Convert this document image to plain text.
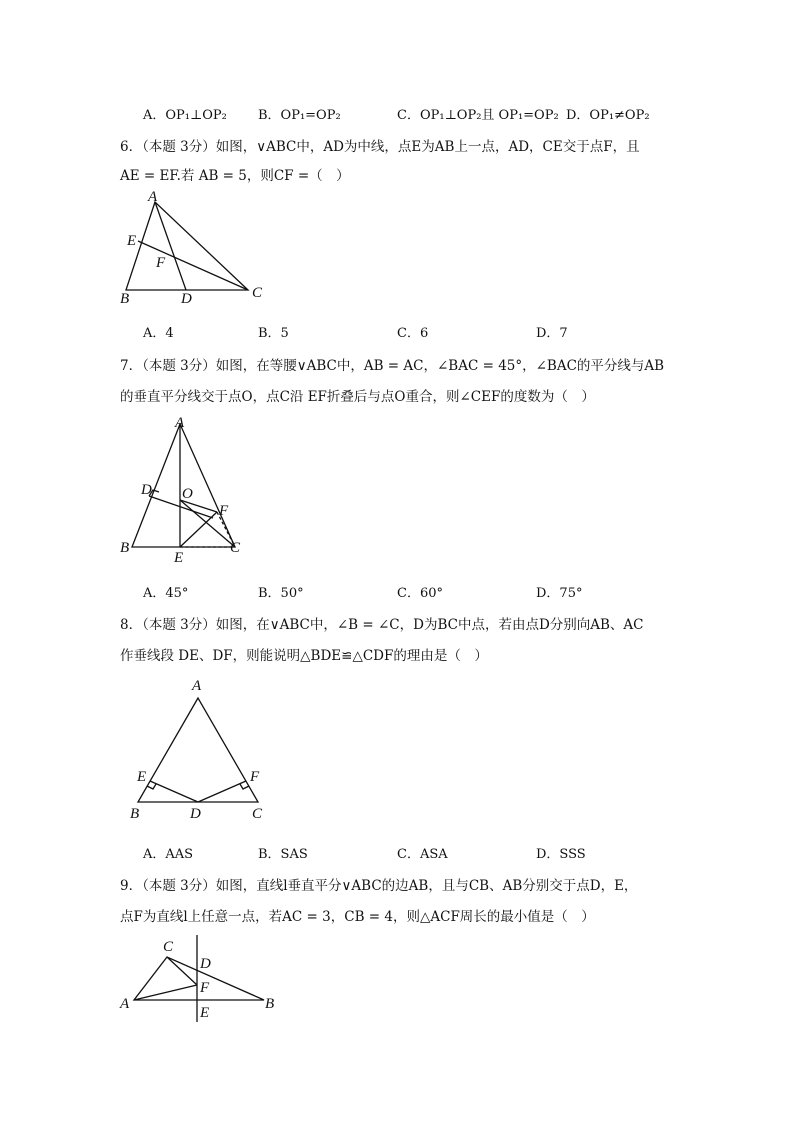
A．OP₁⊥OP₂ B．OP₁=OP₂	C．OP₁⊥OP₂且 OP₁=OP₂ D．OP₁≠OP₂
6．（本题 3分）如图，∨ABC中，AD为中线，点E为AB上一点，AD，CE交于点F，且
AE = EF.若 AB = 5，则CF =（　）
A
E
F
B	D	C
A．4	B．5	C．6	D．7
7．（本题 3分）如图，在等腰∨ABC中，AB = AC，∠BAC = 45°，∠BAC的平分线与AB
的垂直平分线交于点O，点C沿 EF折叠后与点O重合，则∠CEF的度数为（　）
A
D O
F
B
E
C
A．45°	B．50°	C．60°	D．75°
8．（本题 3分）如图，在∨ABC中，∠B = ∠C，D为BC中点，若由点D分别向AB、AC
作垂线段 DE、DF，则能说明△BDE≌△CDF的理由是（　）
A
E	F
B	D	C
A．AAS	B．SAS	C．ASA	D．SSS
9．（本题 3分）如图，直线l垂直平分∨ABC的边AB，且与CB、AB分别交于点D，E，
点F为直线l上任意一点，若AC = 3，CB = 4，则△ACF周长的最小值是（　）
C
D
F
A
E
B
